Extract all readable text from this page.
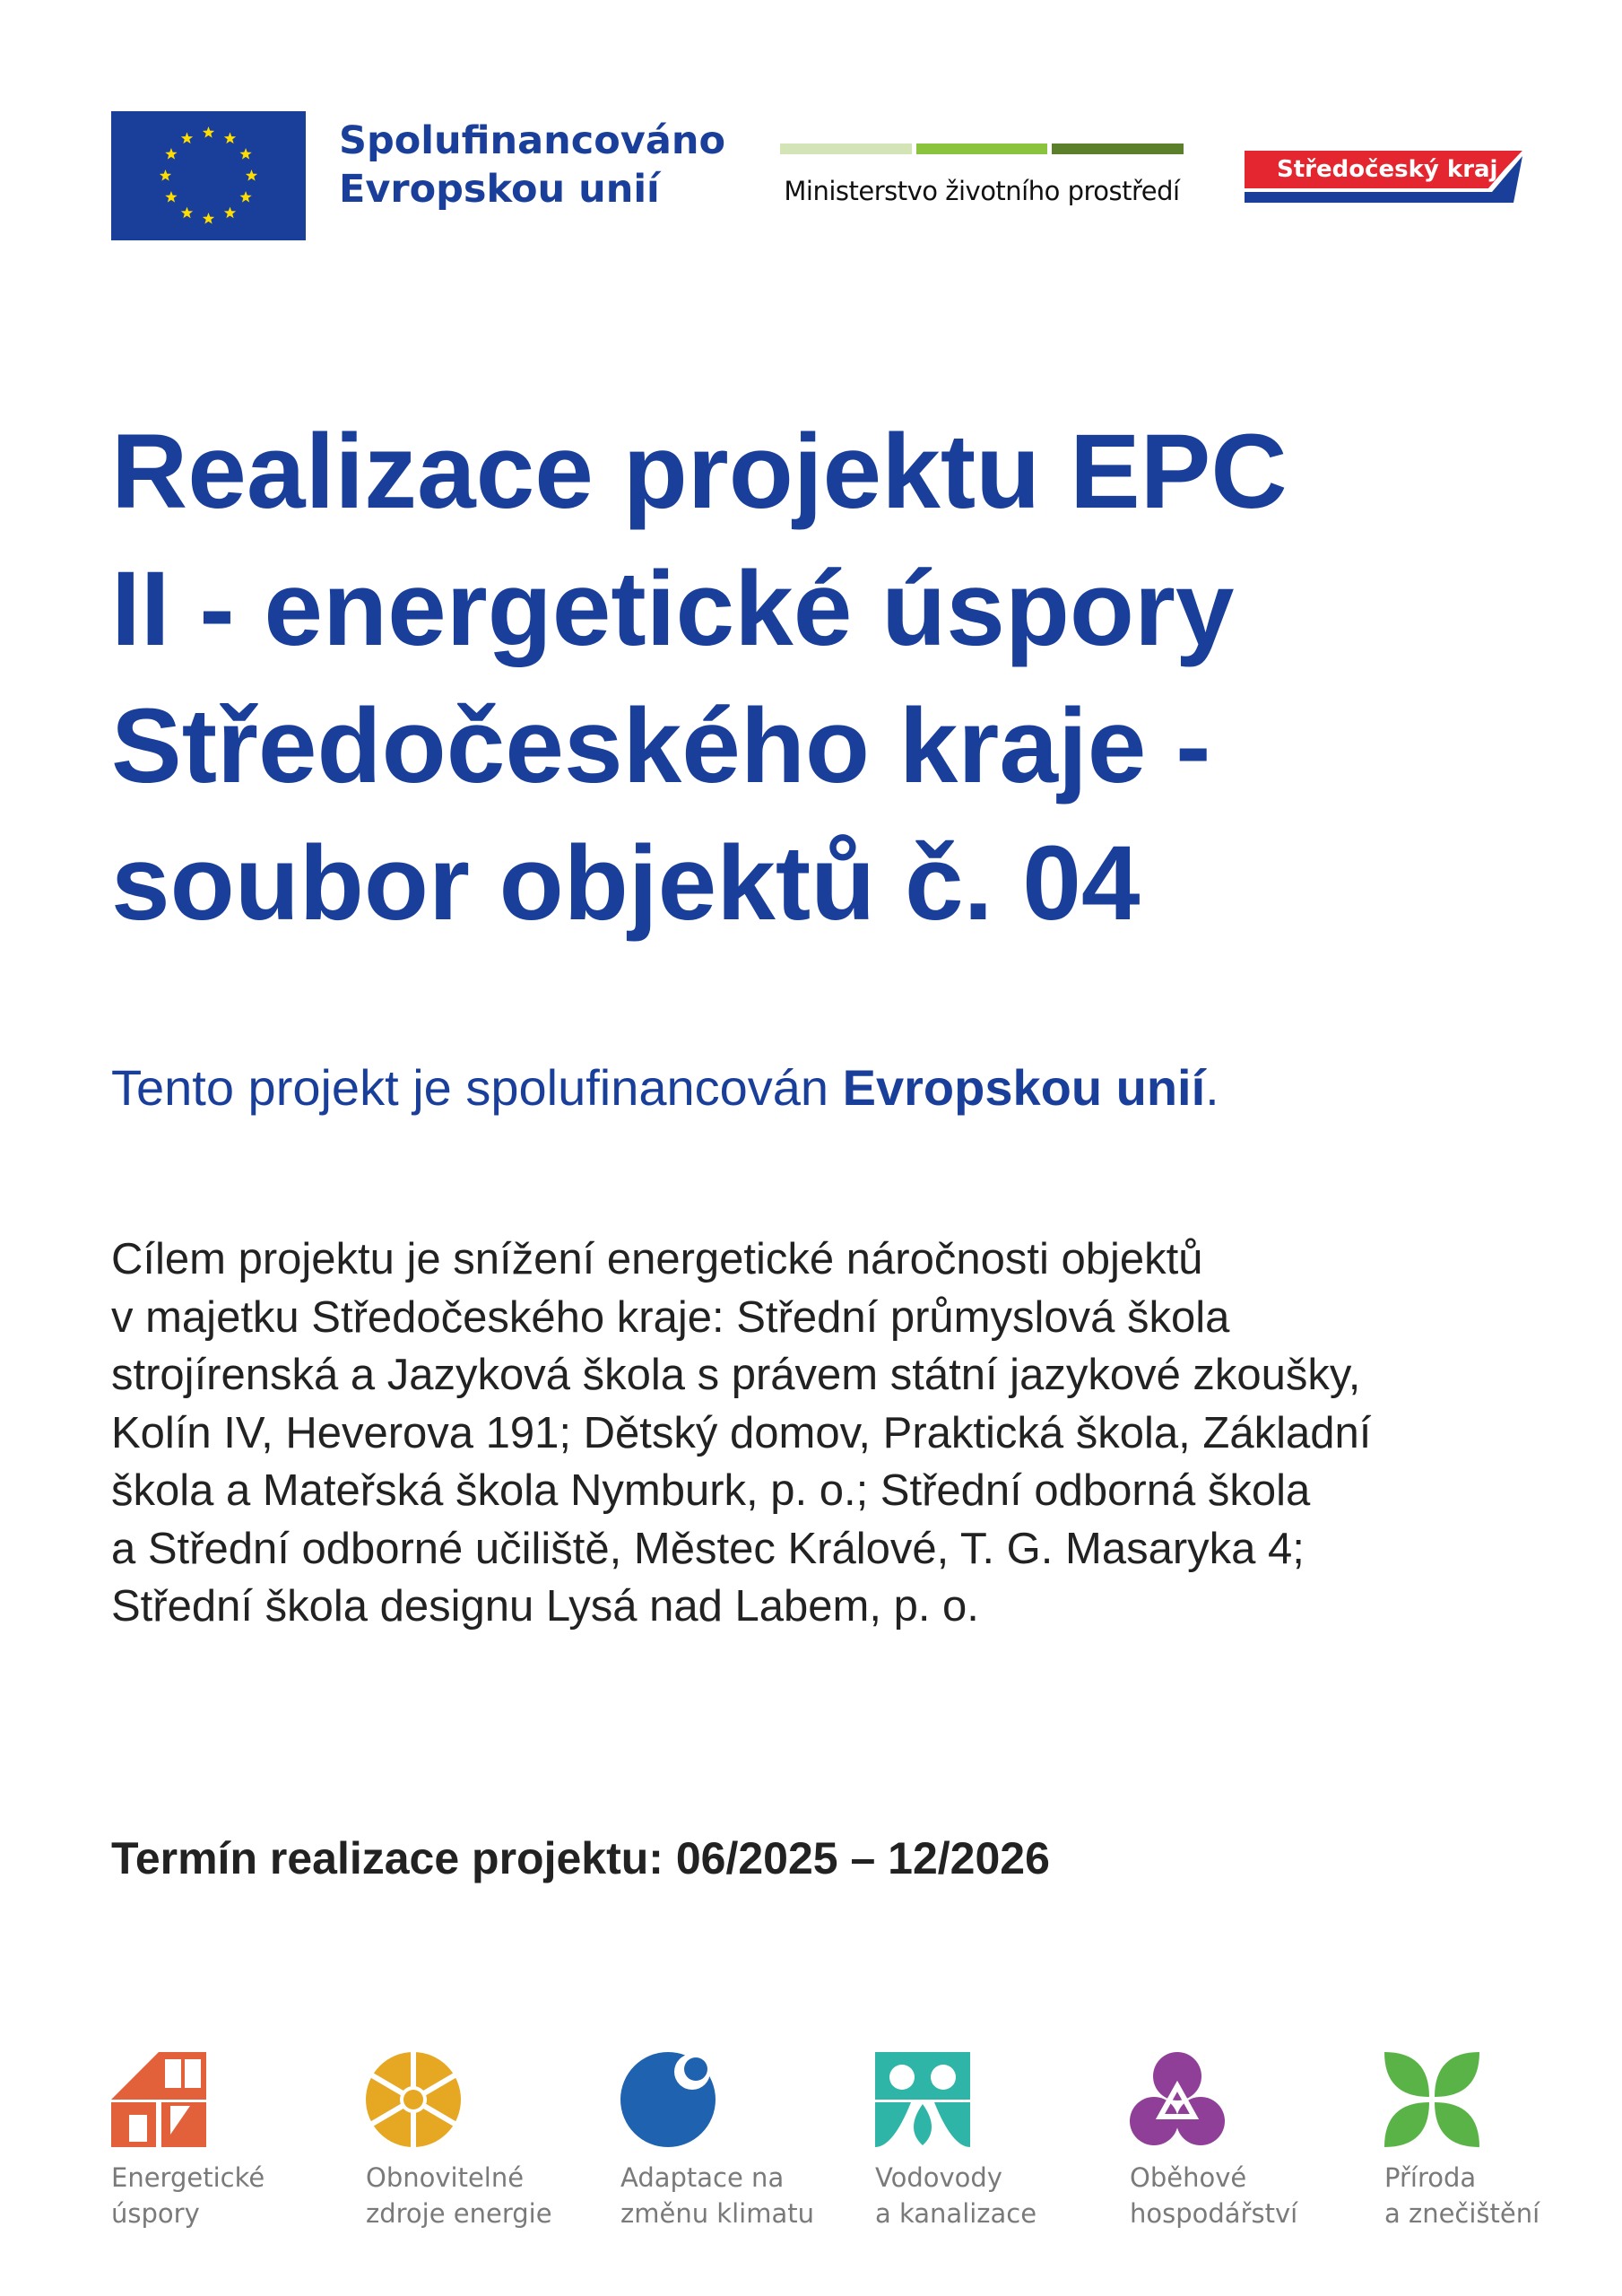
Spolufinancováno
Evropskou unií	Ministerstvo životního prostředí
Středočeský kraj
Realizace projektu EPC
II - energetické úspory
Středočeského kraje -
soubor objektů č. 04

Tento projekt je spolufinancován Evropskou unií.

Cílem projektu je snížení energetické náročnosti objektů
v majetku Středočeského kraje: Střední průmyslová škola
strojírenská a Jazyková škola s právem státní jazykové zkoušky,
Kolín IV, Heverova 191; Dětský domov, Praktická škola, Základní
škola a Mateřská škola Nymburk, p. o.; Střední odborná škola
a Střední odborné učiliště, Městec Králové, T. G. Masaryka 4;
Střední škola designu Lysá nad Labem, p. o.

Termín realizace projektu: 06/2025 – 12/2026

Energetické
úspory
Obnovitelné
zdroje energie
Adaptace na
změnu klimatu
Vodovody
a kanalizace
Oběhové
hospodářství
Příroda
a znečištění
